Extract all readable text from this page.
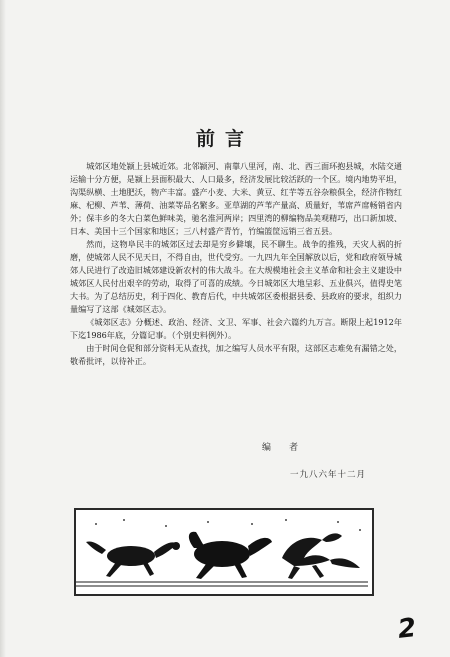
前言

城郊区地处颍上县城近郊。北邻颍河、南靠八里河，南、北、西三面环抱县城，水陆交通运输十分方便，是颍上县面积最大、人口最多，经济发展比较活跃的一个区。境内地势平坦，沟渠纵横、土地肥沃，物产丰富。盛产小麦、大米、黄豆、红芋等五谷杂粮俱全，经济作物红麻、杞柳、芦苇、薄荷、油菜等品名繁多。亚草湖的芦苇产量高、质量好，苇席芦席畅销省内外；保丰乡的冬大白菜色鲜味美，驰名淮河两岸；四里湾的柳编物品美观精巧，出口新加坡、日本、美国十三个国家和地区；三八村盛产青竹，竹编篮筐远销三省五县。

然而，这物阜民丰的城郊区过去却是穷乡僻壤，民不聊生。战争的推残，天灾人祸的折磨，使城郊人民不见天日，不得自由，世代受穷。一九四九年全国解放以后，党和政府领导城郊人民进行了改造旧城郊建设新农村的伟大战斗。在大规模地社会主义革命和社会主义建设中城郊区人民付出艰辛的劳动，取得了可喜的成绩。今日城郊区大地呈彩、五业俱兴，值得史笔大书。为了总结历史，利于四化、教育后代，中共城郊区委根据县委、县政府的要求，组织力量编写了这部《城郊区志》。

《城郊区志》分概述、政治、经济、文卫、军事、社会六篇约九万言。断限上起1912年下迄1986年底，分篇记事。（个别史料例外）。

由于时间仓促和部分资料无从查找，加之编写人员水平有限，这部区志难免有漏错之处，敬希批评，以待补正。

编者
一九八六年十二月
2
